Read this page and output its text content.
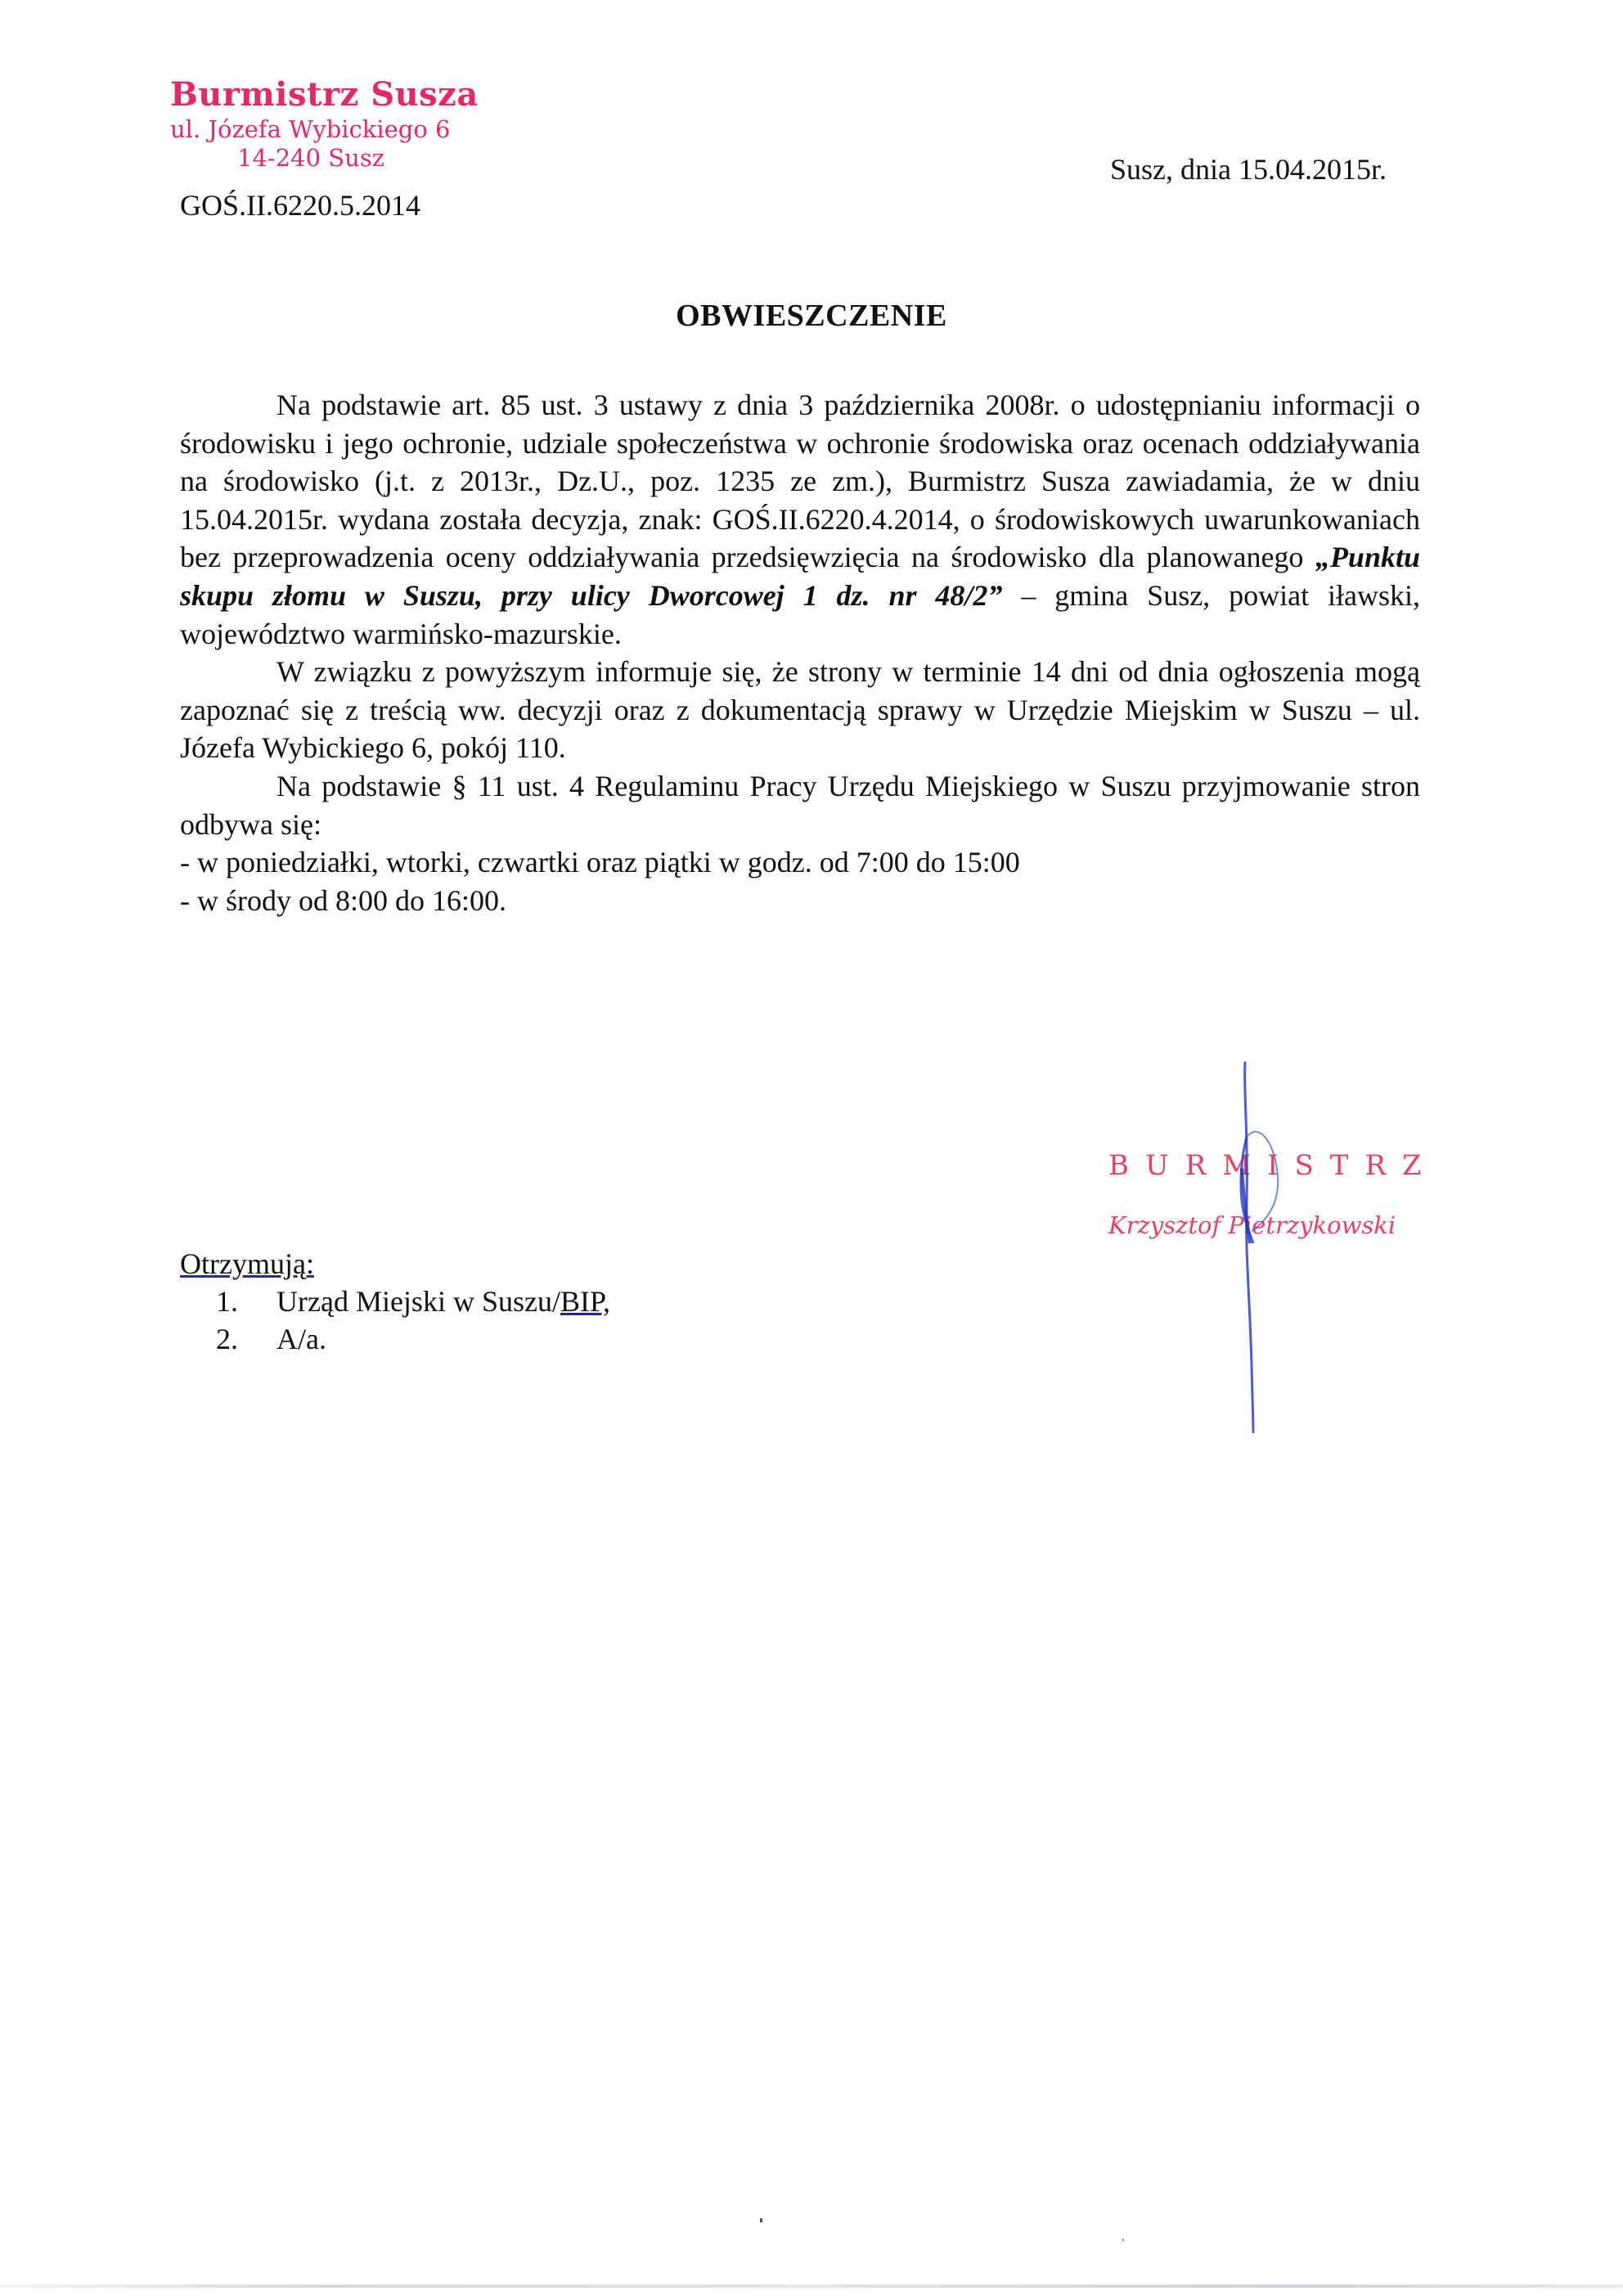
Burmistrz Susza
ul. Józefa Wybickiego 6
14-240 Susz
GOŚ.II.6220.5.2014
Susz, dnia 15.04.2015r.
OBWIESZCZENIE

Na podstawie art. 85 ust. 3 ustawy z dnia 3 października 2008r. o udostępnianiu informacji o środowisku i jego ochronie, udziale społeczeństwa w ochronie środowiska oraz ocenach oddziaływania na środowisko (j.t. z 2013r., Dz.U., poz. 1235 ze zm.), Burmistrz Susza zawiadamia, że w dniu 15.04.2015r. wydana została decyzja, znak: GOŚ.II.6220.4.2014, o środowiskowych uwarunkowaniach bez przeprowadzenia oceny oddziaływania przedsięwzięcia na środowisko dla planowanego „Punktu skupu złomu w Suszu, przy ulicy Dworcowej 1 dz. nr 48/2” – gmina Susz, powiat iławski, województwo warmińsko-mazurskie.

W związku z powyższym informuje się, że strony w terminie 14 dni od dnia ogłoszenia mogą zapoznać się z treścią ww. decyzji oraz z dokumentacją sprawy w Urzędzie Miejskim w Suszu – ul. Józefa Wybickiego 6, pokój 110.

Na podstawie § 11 ust. 4 Regulaminu Pracy Urzędu Miejskiego w Suszu przyjmowanie stron odbywa się:

- w poniedziałki, wtorki, czwartki oraz piątki w godz. od 7:00 do 15:00

- w środy od 8:00 do 16:00.

BURMISTRZ
Krzysztof Pietrzykowski
Otrzymują:
1.	Urząd Miejski w Suszu/BIP,
2.	A/a.
